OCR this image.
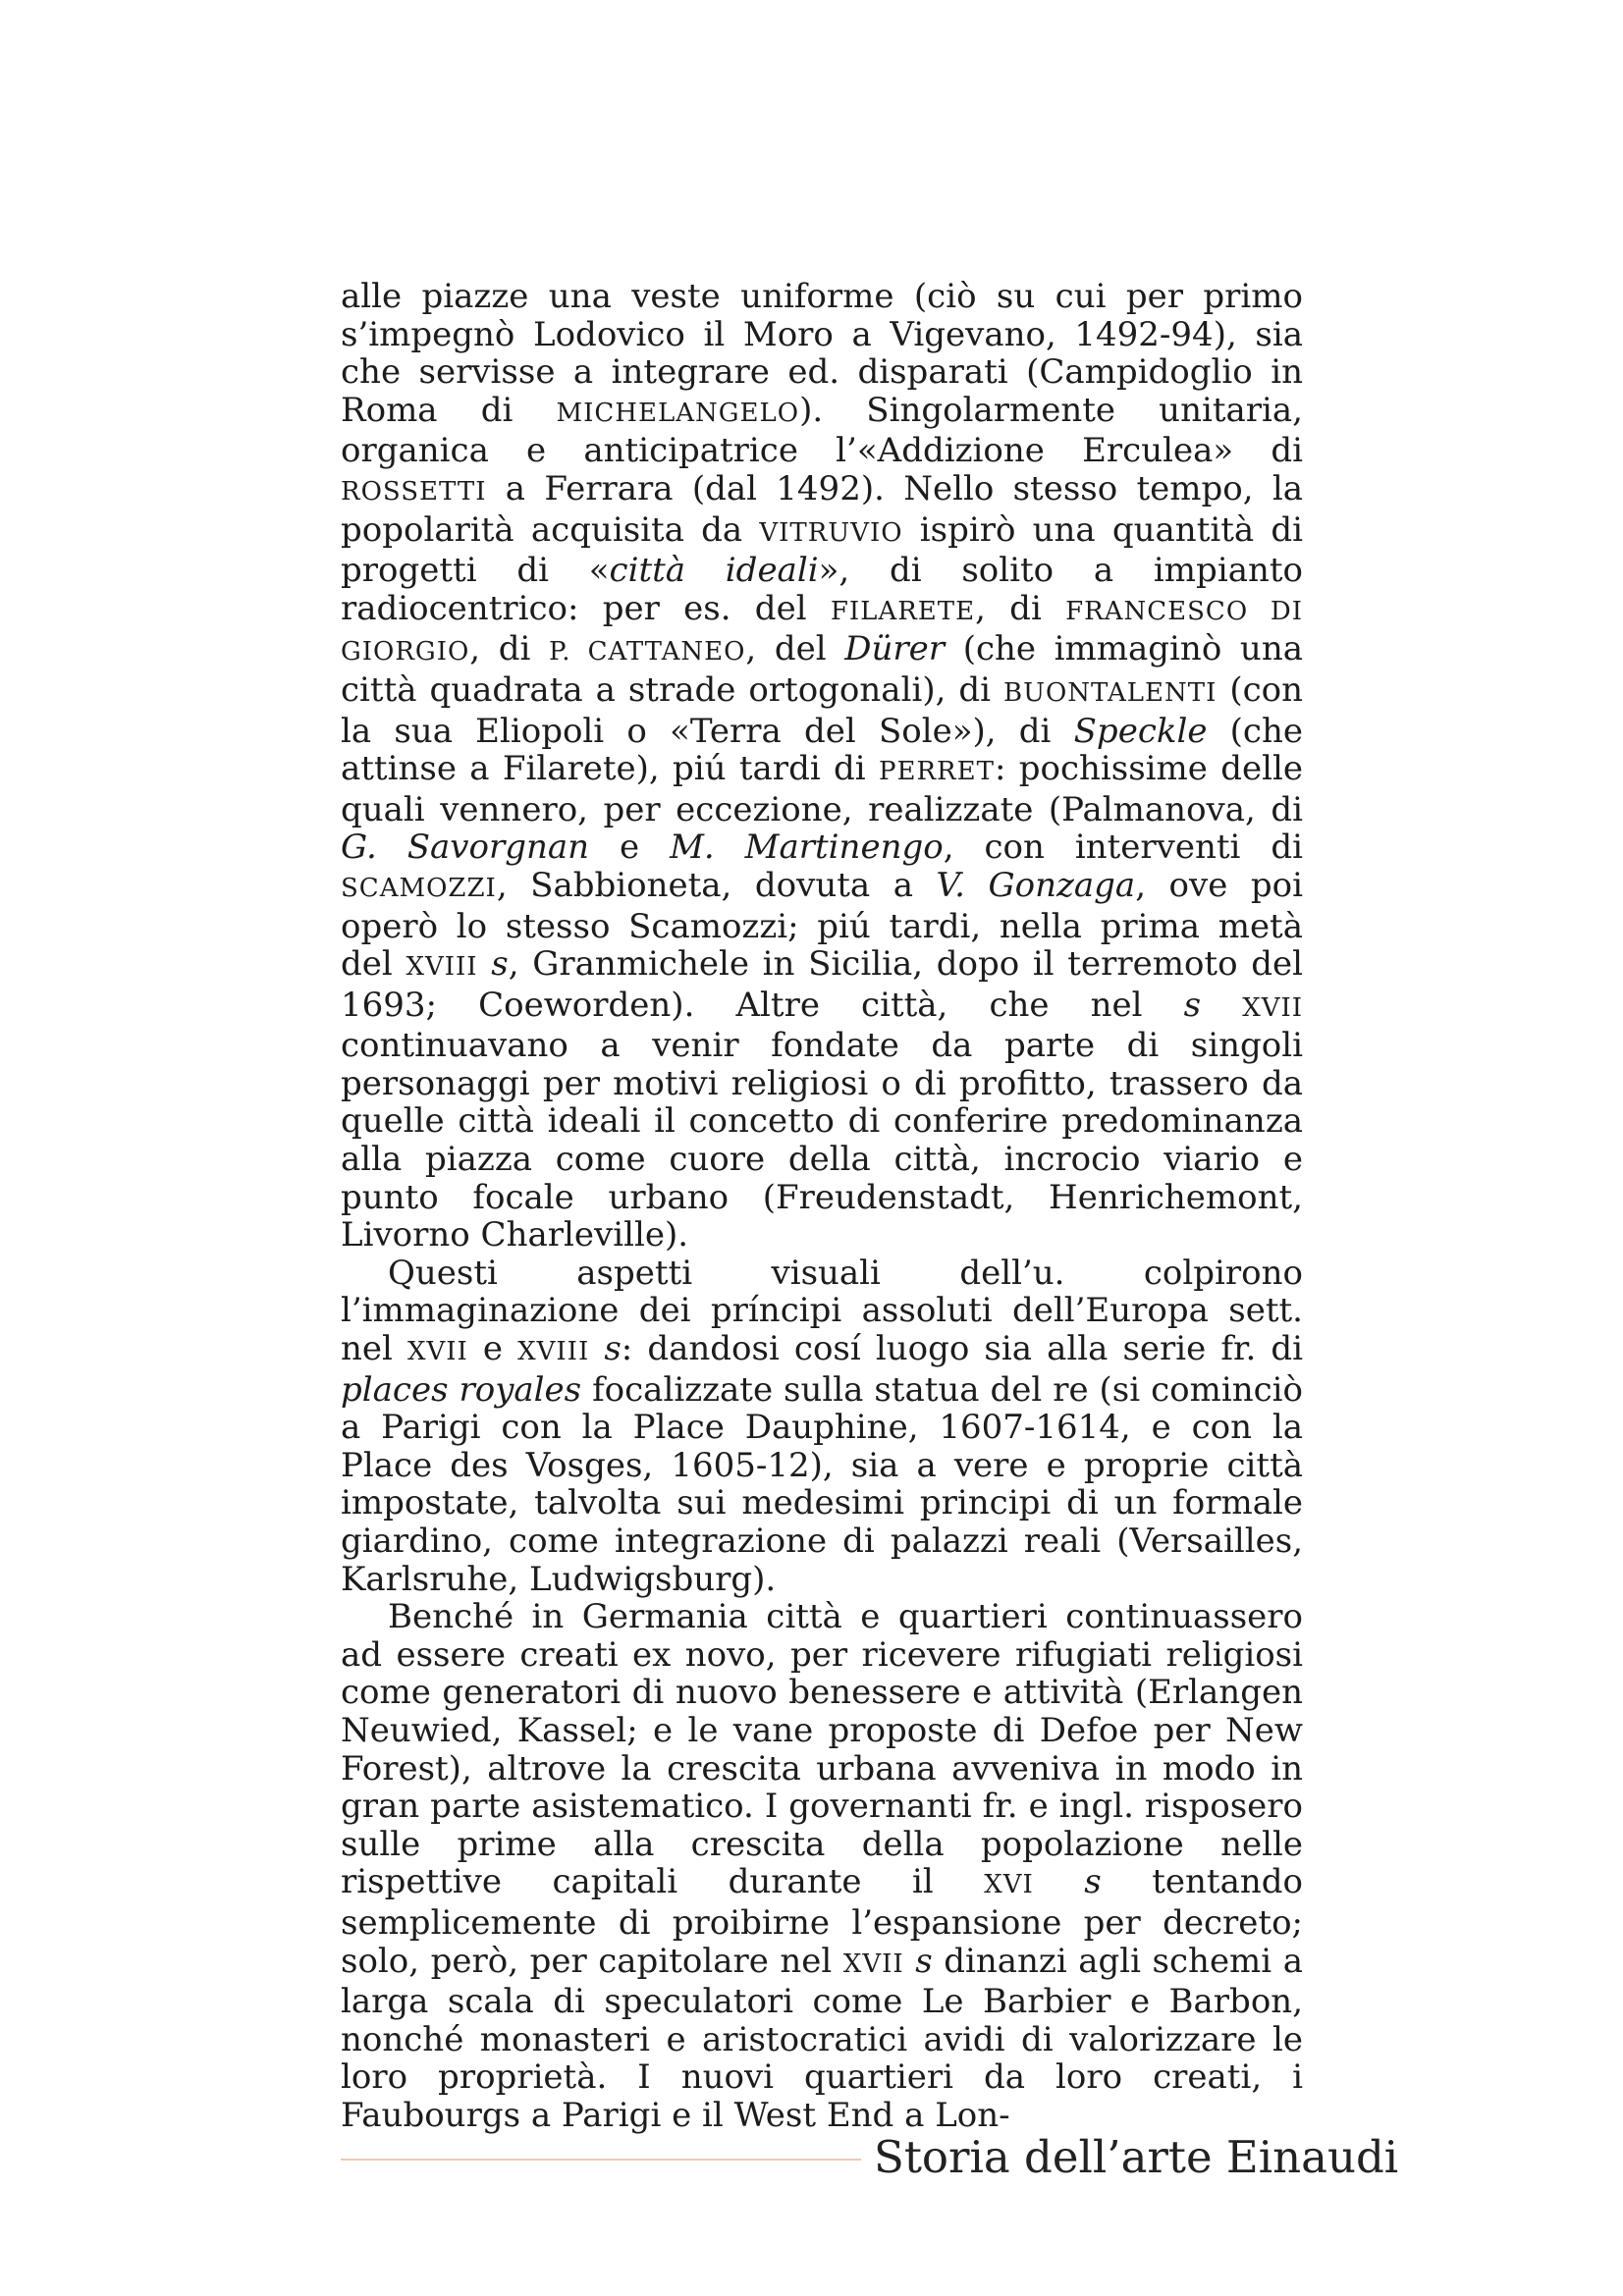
alle piazze una veste uniforme (ciò su cui per primo s’impegnò Lodovico il Moro a Vigevano, 1492-94), sia che servisse a integrare ed. disparati (Campidoglio in Roma di MICHELANGELO). Singolarmente unitaria, organica e anticipatrice l’«Addizione Erculea» di ROSSETTI a Ferrara (dal 1492). Nello stesso tempo, la popolarità acquisita da VITRUVIO ispirò una quantità di progetti di «città ideali», di solito a impianto radiocentrico: per es. del FILARETE, di FRANCESCO DI GIORGIO, di P. CATTANEO, del Dürer (che immaginò una città quadrata a strade ortogonali), di BUONTALENTI (con la sua Eliopoli o «Terra del Sole»), di Speckle (che attinse a Filarete), piú tardi di PERRET: pochissime delle quali vennero, per eccezione, realizzate (Palmanova, di G. Savorgnan e M. Martinengo, con interventi di SCAMOZZI, Sabbioneta, dovuta a V. Gonzaga, ove poi operò lo stesso Scamozzi; piú tardi, nella prima metà del XVIII s, Granmichele in Sicilia, dopo il terremoto del 1693; Coeworden). Altre città, che nel s XVII continuavano a venir fondate da parte di singoli personaggi per motivi religiosi o di profitto, trassero da quelle città ideali il concetto di conferire predominanza alla piazza come cuore della città, incrocio viario e punto focale urbano (Freudenstadt, Henrichemont, Livorno Charleville).

Questi aspetti visuali dell’u. colpirono l’immaginazione dei prı́ncipi assoluti dell’Europa sett. nel XVII e XVIII s: dandosi cosí luogo sia alla serie fr. di places royales focalizzate sulla statua del re (si cominciò a Parigi con la Place Dauphine, 1607-1614, e con la Place des Vosges, 1605-12), sia a vere e proprie città impostate, talvolta sui medesimi principi di un formale giardino, come integrazione di palazzi reali (Versailles, Karlsruhe, Ludwigsburg).

Benché in Germania città e quartieri continuassero ad essere creati ex novo, per ricevere rifugiati religiosi come generatori di nuovo benessere e attività (Erlangen Neuwied, Kassel; e le vane proposte di Defoe per New Forest), altrove la crescita urbana avveniva in modo in gran parte asistematico. I governanti fr. e ingl. risposero sulle prime alla crescita della popolazione nelle rispettive capitali durante il XVI s tentando semplicemente di proibirne l’espansione per decreto; solo, però, per capitolare nel XVII s dinanzi agli schemi a larga scala di speculatori come Le Barbier e Barbon, nonché monasteri e aristocratici avidi di valorizzare le loro proprietà. I nuovi quartieri da loro creati, i Faubourgs a Parigi e il West End a Lon-

Storia dell’arte Einaudi
